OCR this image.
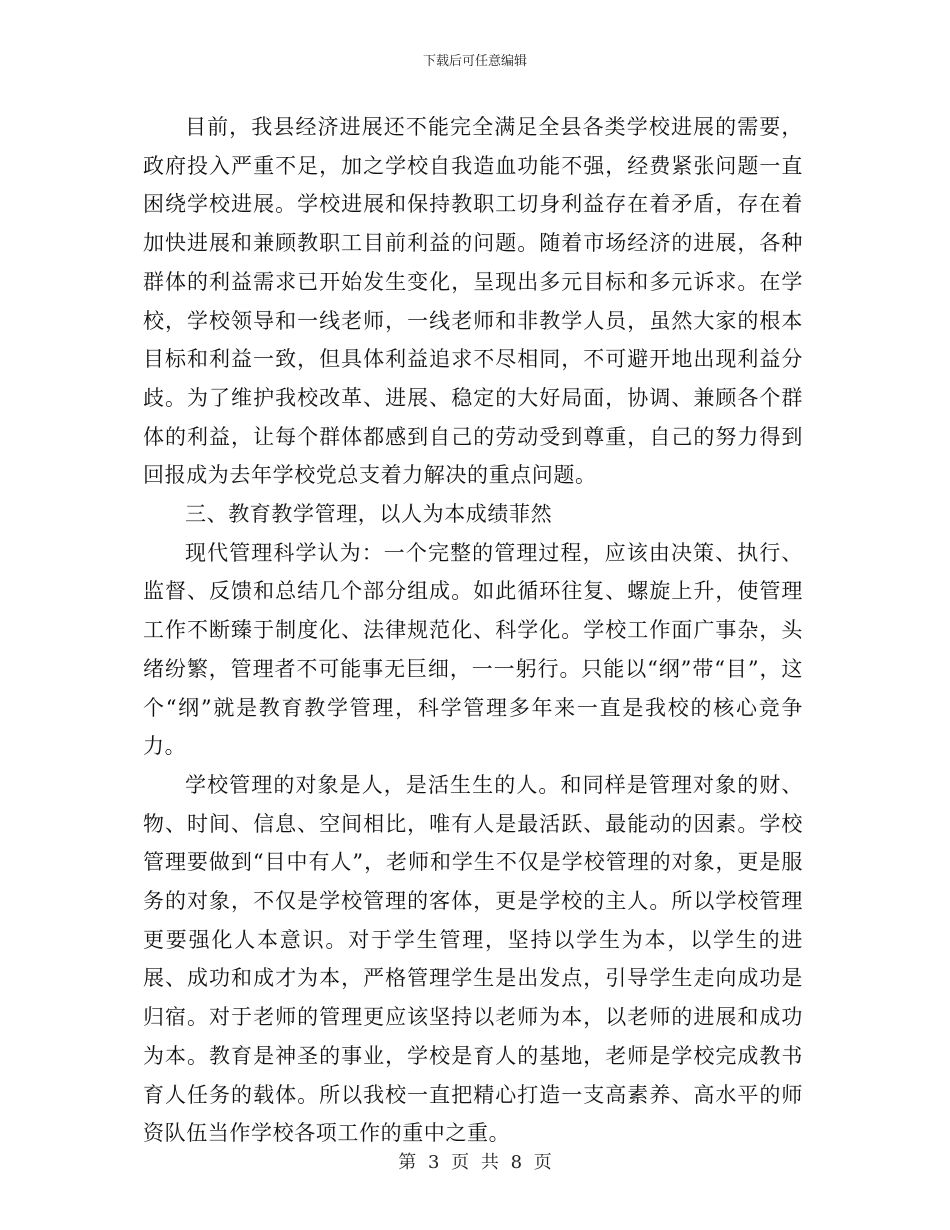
下载后可任意编辑

目前，我县经济进展还不能完全满足全县各类学校进展的需要，政府投入严重不足，加之学校自我造血功能不强，经费紧张问题一直困绕学校进展。学校进展和保持教职工切身利益存在着矛盾，存在着加快进展和兼顾教职工目前利益的问题。随着市场经济的进展，各种群体的利益需求已开始发生变化，呈现出多元目标和多元诉求。在学校，学校领导和一线老师，一线老师和非教学人员，虽然大家的根本目标和利益一致，但具体利益追求不尽相同，不可避开地出现利益分歧。为了维护我校改革、进展、稳定的大好局面，协调、兼顾各个群体的利益，让每个群体都感到自己的劳动受到尊重，自己的努力得到回报成为去年学校党总支着力解决的重点问题。

三、教育教学管理，以人为本成绩菲然

现代管理科学认为：一个完整的管理过程，应该由决策、执行、监督、反馈和总结几个部分组成。如此循环往复、螺旋上升，使管理工作不断臻于制度化、法律规范化、科学化。学校工作面广事杂，头绪纷繁，管理者不可能事无巨细，一一躬行。只能以“纲”带“目”，这个“纲”就是教育教学管理，科学管理多年来一直是我校的核心竞争力。

学校管理的对象是人，是活生生的人。和同样是管理对象的财、物、时间、信息、空间相比，唯有人是最活跃、最能动的因素。学校管理要做到“目中有人”，老师和学生不仅是学校管理的对象，更是服务的对象，不仅是学校管理的客体，更是学校的主人。所以学校管理更要强化人本意识。对于学生管理，坚持以学生为本，以学生的进展、成功和成才为本，严格管理学生是出发点，引导学生走向成功是归宿。对于老师的管理更应该坚持以老师为本，以老师的进展和成功为本。教育是神圣的事业，学校是育人的基地，老师是学校完成教书育人任务的载体。所以我校一直把精心打造一支高素养、高水平的师资队伍当作学校各项工作的重中之重。

第 3 页 共 8 页
